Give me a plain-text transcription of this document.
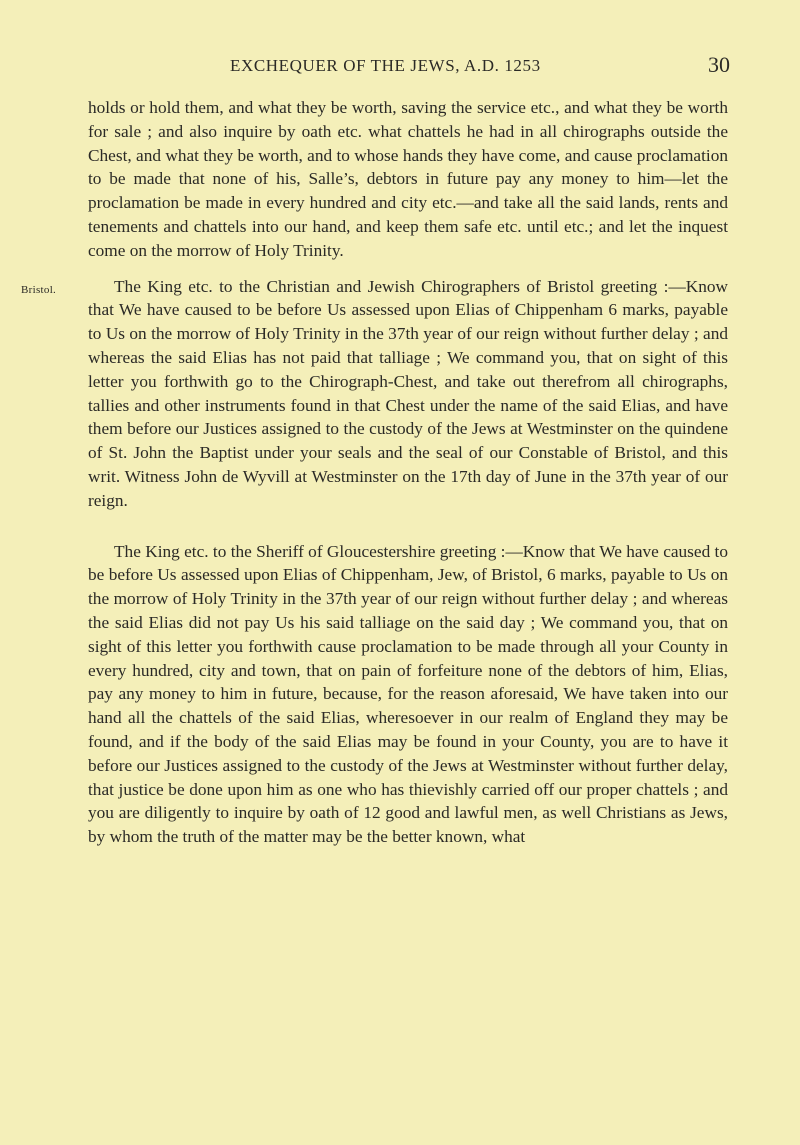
EXCHEQUER OF THE JEWS, A.D. 1253	30

holds or hold them, and what they be worth, saving the service etc., and what they be worth for sale ; and also inquire by oath etc. what chattels he had in all chirographs outside the Chest, and what they be worth, and to whose hands they have come, and cause proclamation to be made that none of his, Salle’s, debtors in future pay any money to him—let the proclamation be made in every hundred and city etc.—and take all the said lands, rents and tenements and chattels into our hand, and keep them safe etc. until etc.; and let the inquest come on the morrow of Holy Trinity.

Bristol.	The King etc. to the Christian and Jewish Chirographers of Bristol greeting :—Know that We have caused to be before Us assessed upon Elias of Chippenham 6 marks, payable to Us on the morrow of Holy Trinity in the 37th year of our reign without further delay ; and whereas the said Elias has not paid that talliage ; We command you, that on sight of this letter you forthwith go to the Chirograph-Chest, and take out therefrom all chirographs, tallies and other instruments found in that Chest under the name of the said Elias, and have them before our Justices assigned to the custody of the Jews at Westminster on the quindene of St. John the Baptist under your seals and the seal of our Constable of Bristol, and this writ. Witness John de Wyvill at Westminster on the 17th day of June in the 37th year of our reign.

The King etc. to the Sheriff of Gloucestershire greeting :—Know that We have caused to be before Us assessed upon Elias of Chippenham, Jew, of Bristol, 6 marks, payable to Us on the morrow of Holy Trinity in the 37th year of our reign without further delay ; and whereas the said Elias did not pay Us his said talliage on the said day ; We command you, that on sight of this letter you forthwith cause proclamation to be made through all your County in every hundred, city and town, that on pain of forfeiture none of the debtors of him, Elias, pay any money to him in future, because, for the reason aforesaid, We have taken into our hand all the chattels of the said Elias, wheresoever in our realm of England they may be found, and if the body of the said Elias may be found in your County, you are to have it before our Justices assigned to the custody of the Jews at Westminster without further delay, that justice be done upon him as one who has thievishly carried off our proper chattels ; and you are diligently to inquire by oath of 12 good and lawful men, as well Christians as Jews, by whom the truth of the matter may be the better known, what
